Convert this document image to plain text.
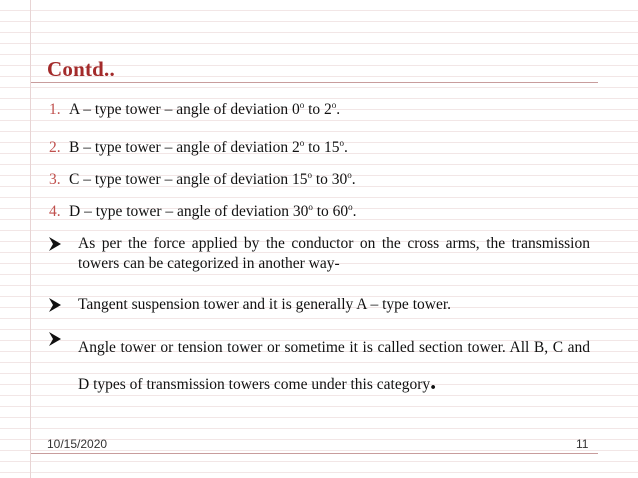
Contd..
1. A – type tower – angle of deviation 0$^o$ to 2$^o$.
2. B – type tower – angle of deviation 2$^o$ to 15$^o$.
3. C – type tower – angle of deviation 15$^o$ to 30$^o$.
4. D – type tower – angle of deviation 30$^o$ to 60$^o$.
As per the force applied by the conductor on the cross arms, the transmission towers can be categorized in another way-
Tangent suspension tower and it is generally A – type tower.
Angle tower or tension tower or sometime it is called section tower. All B, C and D types of transmission towers come under this category.
10/15/2020	11
